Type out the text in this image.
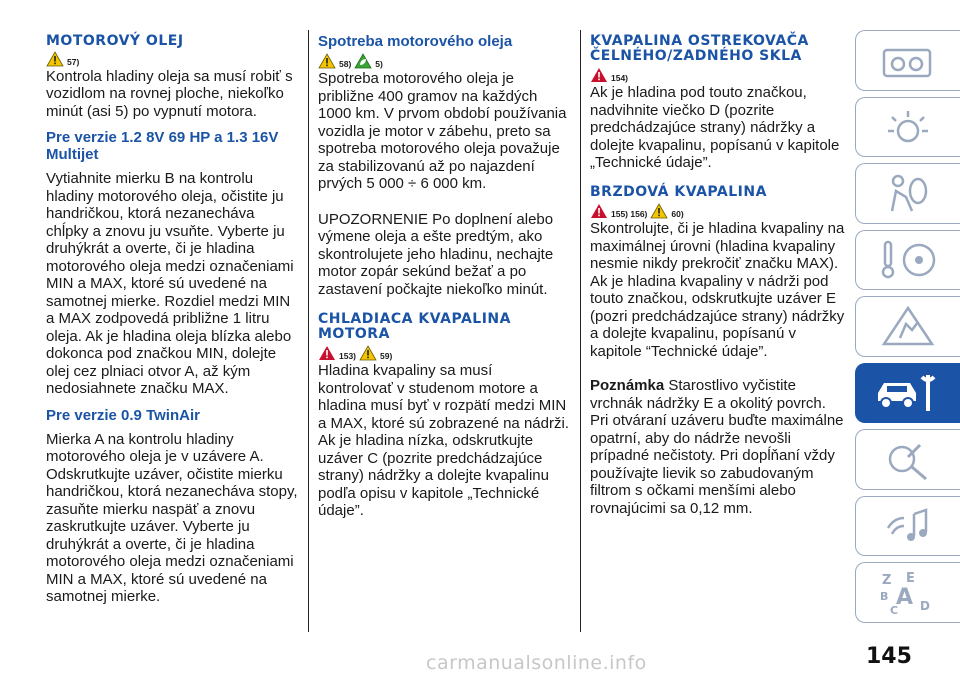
MOTOROVÝ OLEJ
57)

Kontrola hladiny oleja sa musí robiť s vozidlom na rovnej ploche, niekoľko minút (asi 5) po vypnutí motora.

Pre verzie 1.2 8V 69 HP a 1.3 16V Multijet

Vytiahnite mierku B na kontrolu hladiny motorového oleja, očistite ju handričkou, ktorá nezanecháva chĺpky a znovu ju vsuňte. Vyberte ju druhýkrát a overte, či je hladina motorového oleja medzi označeniami MIN a MAX, ktoré sú uvedené na samotnej mierke. Rozdiel medzi MIN a MAX zodpovedá približne 1 litru oleja. Ak je hladina oleja blízka alebo dokonca pod značkou MIN, dolejte olej cez plniaci otvor A, až kým nedosiahnete značku MAX.

Pre verzie 0.9 TwinAir

Mierka A na kontrolu hladiny motorového oleja je v uzávere A. Odskrutkujte uzáver, očistite mierku handričkou, ktorá nezanecháva stopy, zasuňte mierku naspäť a znovu zaskrutkujte uzáver. Vyberte ju druhýkrát a overte, či je hladina motorového oleja medzi označeniami MIN a MAX, ktoré sú uvedené na samotnej mierke.

Spotreba motorového oleja
58)	5)

Spotreba motorového oleja je približne 400 gramov na každých 1000 km. V prvom období používania vozidla je motor v zábehu, preto sa spotreba motorového oleja považuje za stabilizovanú až po najazdení prvých 5 000 ÷ 6 000 km.

UPOZORNENIE Po doplnení alebo výmene oleja a ešte predtým, ako skontrolujete jeho hladinu, nechajte motor zopár sekúnd bežať a po zastavení počkajte niekoľko minút.

CHLADIACA KVAPALINA MOTORA
153)	59)

Hladina kvapaliny sa musí kontrolovať v studenom motore a hladina musí byť v rozpätí medzi MIN a MAX, ktoré sú zobrazené na nádrži. Ak je hladina nízka, odskrutkujte uzáver C (pozrite predchádzajúce strany) nádržky a dolejte kvapalinu podľa opisu v kapitole „Technické údaje”.

KVAPALINA OSTREKOVAČA ČELNÉHO/ZADNÉHO SKLA
154)

Ak je hladina pod touto značkou, nadvihnite viečko D (pozrite predchádzajúce strany) nádržky a dolejte kvapalinu, popísanú v kapitole „Technické údaje”.

BRZDOVÁ KVAPALINA
155) 156)	60)

Skontrolujte, či je hladina kvapaliny na maximálnej úrovni (hladina kvapaliny nesmie nikdy prekročiť značku MAX). Ak je hladina kvapaliny v nádrži pod touto značkou, odskrutkujte uzáver E (pozri predchádzajúce strany) nádržky a dolejte kvapalinu, popísanú v kapitole “Technické údaje”.

Poznámka Starostlivo vyčistite vrchnák nádržky E a okolitý povrch. Pri otváraní uzáveru buďte maximálne opatrní, aby do nádrže nevošli prípadné nečistoty. Pri dopĺňaní vždy používajte lievik so zabudovaným filtrom s očkami menšími alebo rovnajúcimi sa 0,12 mm.

Z E
B A
C D
145
carmanualsonline.info
